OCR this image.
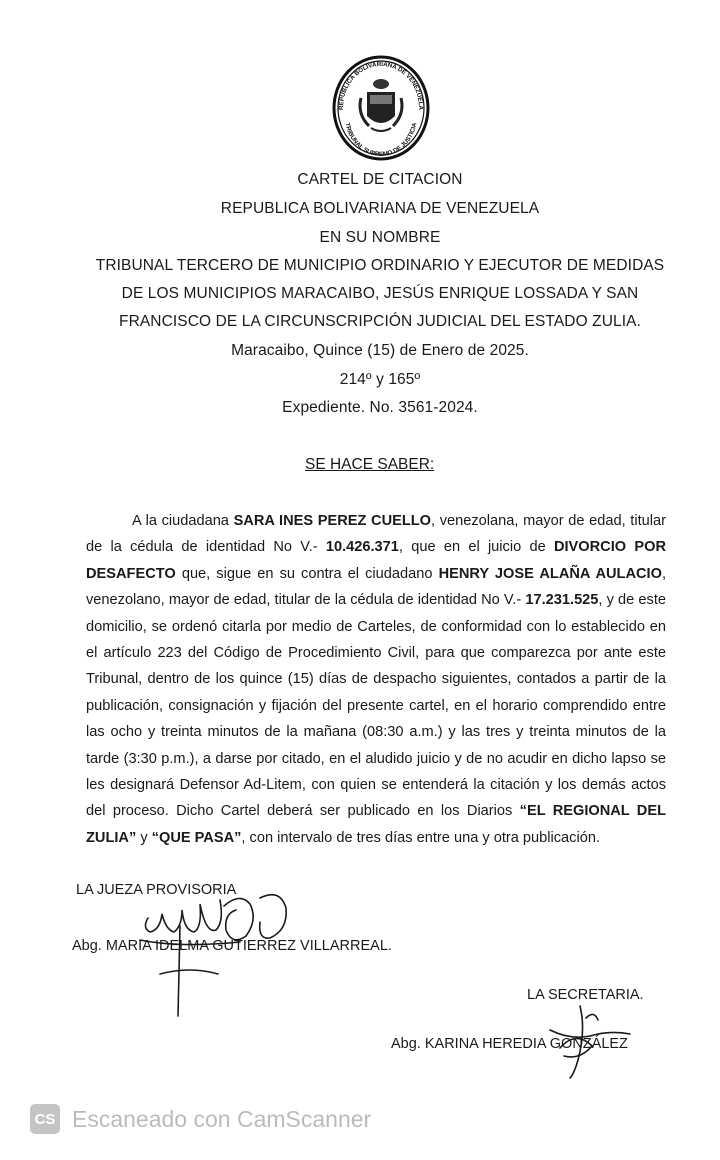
REPUBLICA BOLIVARIANA DE VENEZUELA
TRIBUNAL SUPREMO DE JUSTICIA
CARTEL DE CITACION
REPUBLICA BOLIVARIANA DE VENEZUELA
EN SU NOMBRE
TRIBUNAL TERCERO DE MUNICIPIO ORDINARIO Y EJECUTOR DE MEDIDAS
DE LOS MUNICIPIOS MARACAIBO, JESÚS ENRIQUE LOSSADA Y SAN
FRANCISCO DE LA CIRCUNSCRIPCIÓN JUDICIAL DEL ESTADO ZULIA.
Maracaibo, Quince (15) de Enero de 2025.
214º y 165º
Expediente. No. 3561-2024.
SE HACE SABER:
A la ciudadana SARA INES PEREZ CUELLO, venezolana, mayor de edad, titular de la cédula de identidad No V.- 10.426.371, que en el juicio de DIVORCIO POR DESAFECTO que, sigue en su contra el ciudadano HENRY JOSE ALAÑA AULACIO, venezolano, mayor de edad, titular de la cédula de identidad No V.- 17.231.525, y de este domicilio, se ordenó citarla por medio de Carteles, de conformidad con lo establecido en el artículo 223 del Código de Procedimiento Civil, para que comparezca por ante este Tribunal, dentro de los quince (15) días de despacho siguientes, contados a partir de la publicación, consignación y fijación del presente cartel, en el horario comprendido entre las ocho y treinta minutos de la mañana (08:30 a.m.) y las tres y treinta minutos de la tarde (3:30 p.m.), a darse por citado, en el aludido juicio y de no acudir en dicho lapso se les designará Defensor Ad-Litem, con quien se entenderá la citación y los demás actos del proceso. Dicho Cartel deberá ser publicado en los Diarios “EL REGIONAL DEL ZULIA” y “QUE PASA”, con intervalo de tres días entre una y otra publicación.
LA JUEZA PROVISORIA
Abg. MARIA IDELMA GUTIERREZ VILLARREAL.
LA SECRETARIA.
Abg. KARINA HEREDIA GONZÁLEZ
CS Escaneado con CamScanner
